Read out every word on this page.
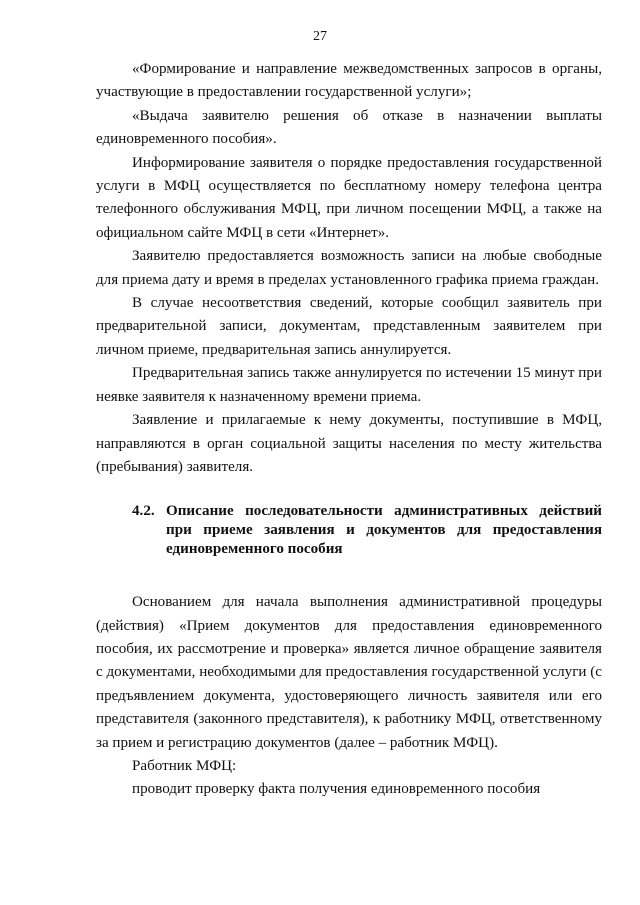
27

«Формирование и направление межведомственных запросов в органы, участвующие в предоставлении государственной услуги»;

«Выдача заявителю решения об отказе в назначении выплаты единовременного пособия».

Информирование заявителя о порядке предоставления государственной услуги в МФЦ осуществляется по бесплатному номеру телефона центра телефонного обслуживания МФЦ, при личном посещении МФЦ, а также на официальном сайте МФЦ в сети «Интернет».

Заявителю предоставляется возможность записи на любые свободные для приема дату и время в пределах установленного графика приема граждан.

В случае несоответствия сведений, которые сообщил заявитель при предварительной записи, документам, представленным заявителем при личном приеме, предварительная запись аннулируется.

Предварительная запись также аннулируется по истечении 15 минут при неявке заявителя к назначенному времени приема.

Заявление и прилагаемые к нему документы, поступившие в МФЦ, направляются в орган социальной защиты населения по месту жительства (пребывания) заявителя.

4.2. Описание последовательности административных действий при приеме заявления и документов для предоставления единовременного пособия

Основанием для начала выполнения административной процедуры (действия) «Прием документов для предоставления единовременного пособия, их рассмотрение и проверка» является личное обращение заявителя с документами, необходимыми для предоставления государственной услуги (с предъявлением документа, удостоверяющего личность заявителя или его представителя (законного представителя), к работнику МФЦ, ответственному за прием и регистрацию документов (далее – работник МФЦ).

Работник МФЦ:

проводит проверку факта получения единовременного пособия
